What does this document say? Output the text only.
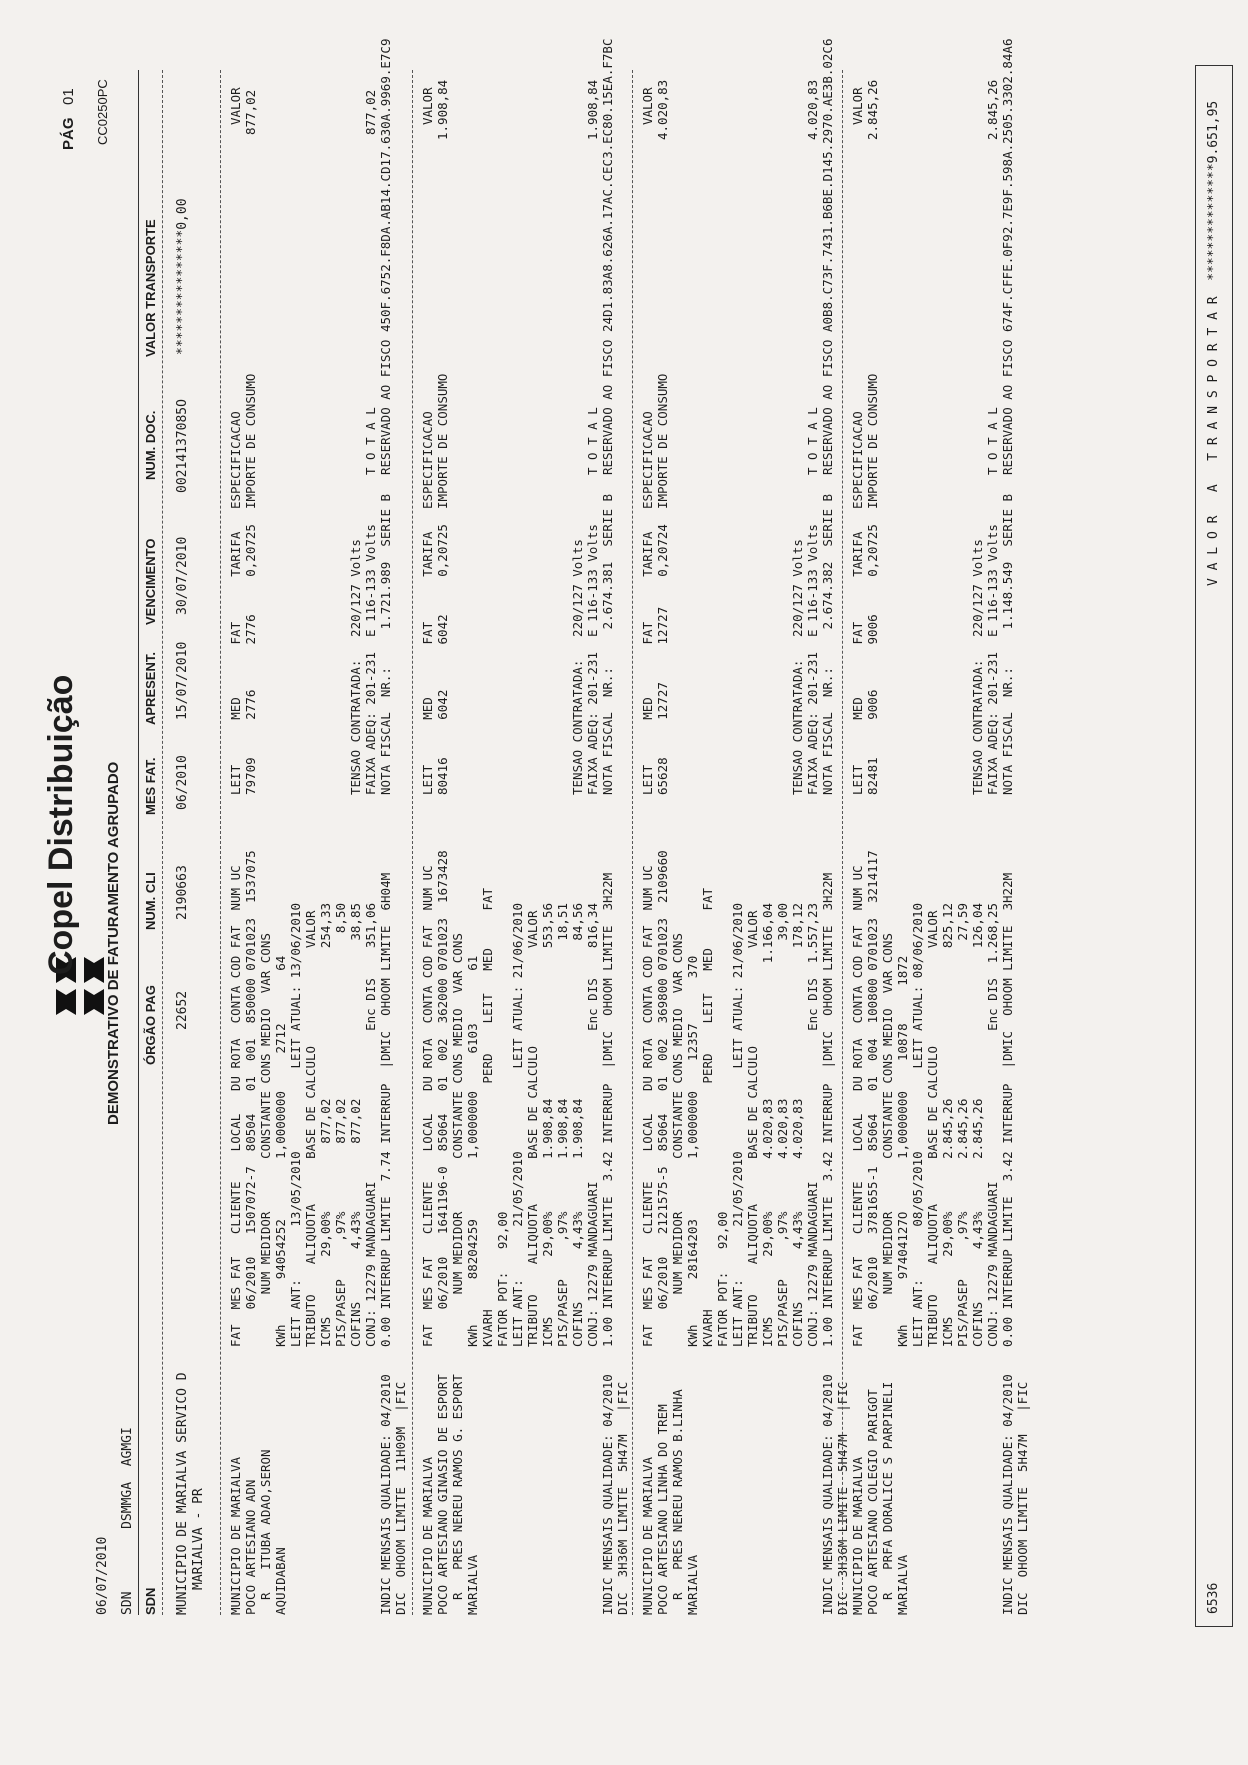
06/07/2010 SDN        DSMMGA  AGMGI

Copel Distribuição DEMONSTRATIVO DE FATURAMENTO AGRUPADO
PÁG
01 CC0250PC
SDN
ÓRGÃO PAG
NUM. CLI
MES FAT.
APRESENT.
VENCIMENTO
NUM. DOC.
VALOR TRANSPORTE
MUNICIPIO DE MARIALVA SERVICO D MARIALVA - PR
22652
2190663
06/2010
15/07/2010
30/07/2010
00214137085O
****************0,00
MUNICIPIO DE MARIALVA POCO ARTESIANO ADN R   ITUBA ADAO,SERON AQUIDABAN
FAT  MES FAT   CLIENTE    LOCAL   DU ROTA  CONTA COD FAT  NUM UC 06/2010   1507072-7  80504   01  001  850000 0701023  1537075 NUM MEDIDOR       CONSTANTE CONS MEDIO  VAR CONS KWh      94054252        1,0000000     2712       64 LEIT ANT:       13/05/2010           LEIT ATUAL: 13/06/2010 TRIBUTO    ALIQUOTA      BASE DE CALCULO             VALOR ICMS        29,00%         877,02                    254,33 PIS/PASEP     ,97%         877,02                      8,50 COFINS       4,43%         877,02                     38,85 CONJ: 12279 MANDAGUARI                    Enc DIS    351,06 0.00 INTERRUP LIMITE  7.74 INTERRUP  |DMIC  OHOOM LIMITE  6H04M
LEIT      MED       FAT      TARIFA   ESPECIFICACAO 79709     2776      2776     0,20725  IMPORTE DE CONSUMO
VALOR 877,02
TENSAO CONTRATADA:   220/127 Volts FAIXA ADEQ: 201-231  E 116-133 Volts NOTA FISCAL  NR.:     1.721.989  SERIE B
T O T A L RESERVADO AO FISCO 450F.6752.F8DA.AB14.CD17.630A.9969.E7C9
877,02
INDIC MENSAIS QUALIDADE: 04/2010 DIC  OHOOM LIMITE  11H09M  |FIC MUNICIPIO DE MARIALVA POCO ARTESIANO GINASIO DE ESPORT R   PRES NEREU RAMOS G. ESPORT MARIALVA
FAT  MES FAT   CLIENTE    LOCAL   DU ROTA  CONTA COD FAT  NUM UC 06/2010   1641196-0  85064   01  002  362000 0701023  1673428 NUM MEDIDOR       CONSTANTE CONS MEDIO  VAR CONS KWh      88204259        1,0000000     6103       61 KVARH                              PERD    LEIT   MED     FAT FATOR POT:   92,00 LEIT ANT:       21/05/2010           LEIT ATUAL: 21/06/2010 TRIBUTO    ALIQUOTA      BASE DE CALCULO             VALOR ICMS        29,00%       1.908,84                    553,56 PIS/PASEP     ,97%       1.908,84                     18,51 COFINS       4,43%       1.908,84                     84,56 CONJ: 12279 MANDAGUARI                    Enc DIS    816,34 1.00 INTERRUP LIMITE  3.42 INTERRUP  |DMIC  OHOOM LIMITE  3H22M
LEIT      MED       FAT      TARIFA   ESPECIFICACAO 80416     6042      6042     0,20725  IMPORTE DE CONSUMO
VALOR 1.908,84
TENSAO CONTRATADA:   220/127 Volts FAIXA ADEQ: 201-231  E 116-133 Volts NOTA FISCAL  NR.:     2.674.381  SERIE B
T O T A L RESERVADO AO FISCO 24D1.83A8.626A.17AC.CEC3.EC80.15EA.F7BC
1.908,84
INDIC MENSAIS QUALIDADE: 04/2010 DIC  3H36M LIMITE  5H47M   |FIC MUNICIPIO DE MARIALVA POCO ARTESIANO LINHA DO TREM R   PRES NEREU RAMOS B.LINHA MARIALVA
FAT  MES FAT   CLIENTE    LOCAL   DU ROTA  CONTA COD FAT  NUM UC 06/2010   2121575-5  85064   01  002  369800 0701023  2109660 NUM MEDIDOR       CONSTANTE CONS MEDIO  VAR CONS KWh      28164203        1,0000000    12357      370 KVARH                              PERD    LEIT   MED     FAT FATOR POT:   92,00 LEIT ANT:       21/05/2010           LEIT ATUAL: 21/06/2010 TRIBUTO    ALIQUOTA      BASE DE CALCULO             VALOR ICMS        29,00%       4.020,83                  1.166,04 PIS/PASEP     ,97%       4.020,83                     39,00 COFINS       4,43%       4.020,83                    178,12 CONJ: 12279 MANDAGUARI                    Enc DIS  1.557,23 1.00 INTERRUP LIMITE  3.42 INTERRUP  |DMIC  OHOOM LIMITE  3H22M
LEIT      MED       FAT      TARIFA   ESPECIFICACAO 65628     12727     12727    0,20724  IMPORTE DE CONSUMO
VALOR 4.020,83
TENSAO CONTRATADA:   220/127 Volts FAIXA ADEQ: 201-231  E 116-133 Volts NOTA FISCAL  NR.:     2.674.382  SERIE B
T O T A L RESERVADO AO FISCO A0B8.C73F.7431.B6BE.D145.2970.AE3B.02C6
4.020,83
INDIC MENSAIS QUALIDADE: 04/2010 DIC  3H36M LIMITE  5H47M   |FIC MUNICIPIO DE MARIALVA POCO ARTESIANO COLEGIO PARIGOT R   PRFA DORALICE S PARPINELI MARIALVA
FAT  MES FAT   CLIENTE    LOCAL   DU ROTA  CONTA COD FAT  NUM UC 06/2010   3781655-1  85064   01  004  100800 0701023  3214117 NUM MEDIDOR       CONSTANTE CONS MEDIO  VAR CONS KWh      97404127O       1,0000000    10878     1872 LEIT ANT:       08/05/2010           LEIT ATUAL: 08/06/2010 TRIBUTO    ALIQUOTA      BASE DE CALCULO             VALOR ICMS        29,00%       2.845,26                    825,12 PIS/PASEP     ,97%       2.845,26                     27,59 COFINS       4,43%       2.845,26                    126,04 CONJ: 12279 MANDAGUARI                    Enc DIS  1.268,25 0.00 INTERRUP LIMITE  3.42 INTERRUP  |DMIC  OHOOM LIMITE  3H22M
LEIT      MED       FAT      TARIFA   ESPECIFICACAO 82481     9006      9006     0,20725  IMPORTE DE CONSUMO
VALOR 2.845,26
TENSAO CONTRATADA:   220/127 Volts FAIXA ADEQ: 201-231  E 116-133 Volts NOTA FISCAL  NR.:     1.148.549  SERIE B
T O T A L RESERVADO AO FISCO 674F.CFFE.0F92.7E9F.598A.2505.3302.84A6
2.845,26
INDIC MENSAIS QUALIDADE: 04/2010 DIC  OHOOM LIMITE  5H47M   |FIC	6536
V A L O R   A   T R A N S P O R T A R  ***************9.651,95
